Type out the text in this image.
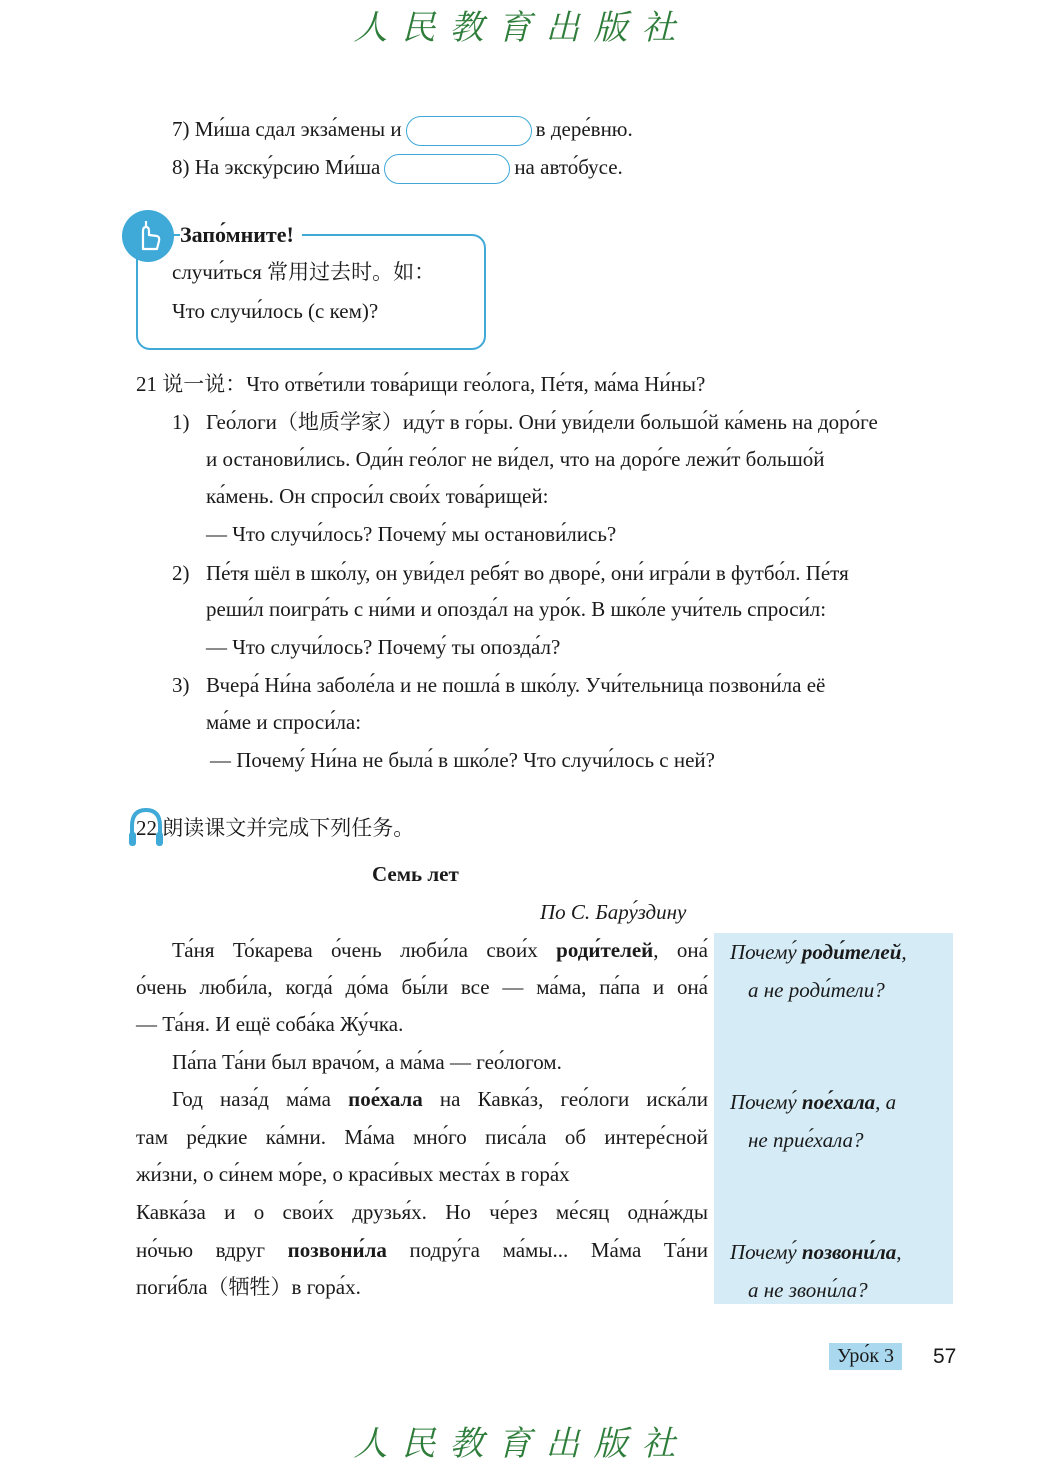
人民教育出版社
7) Ми́ша сдал экза́мены и	в дере́вню.
8) На экску́рсию Ми́ша	на авто́бусе.
случи́ться 常用过去时。如：
Что случи́лось (с кем)?
Запо́мните!
21 说一说：Что отве́тили това́рищи гео́лога, Пе́тя, ма́ма Ни́ны?
1) Гео́логи（地质学家）иду́т в го́ры. Они́ уви́дели большо́й ка́мень на доро́ге
и останови́лись. Оди́н гео́лог не ви́дел, что на доро́ге лежи́т большо́й
ка́мень. Он спроси́л свои́х това́рищей:
— Что случи́лось? Почему́ мы останови́лись?
2) Пе́тя шёл в шко́лу, он уви́дел ребя́т во дворе́, они́ игра́ли в футбо́л. Пе́тя
реши́л поигра́ть с ни́ми и опозда́л на уро́к. В шко́ле учи́тель спроси́л:
— Что случи́лось? Почему́ ты опозда́л?
3) Вчера́ Ни́на заболе́ла и не пошла́ в шко́лу. Учи́тельница позвони́ла её
ма́ме и спроси́ла:
— Почему́ Ни́на не была́ в шко́ле? Что случи́лось с ней?
22 朗读课文并完成下列任务。
Семь лет
По С. Бару́здину
Почему́ роди́телей,
а не роди́тели?
Почему́ пое́хала, а
не прие́хала?
Почему́ позвони́ла,
а не звони́ла?
Та́ня То́карева о́чень люби́ла свои́х роди́телей, она́
о́чень люби́ла, когда́ до́ма бы́ли все — ма́ма, па́па и она́
— Та́ня. И ещё соба́ка Жу́чка.
Па́па Та́ни был врачо́м, а ма́ма — гео́логом.
Год наза́д ма́ма пое́хала на Кавка́з, гео́логи иска́ли
там ре́дкие ка́мни. Ма́ма мно́го писа́ла об интере́сной
жи́зни, о си́нем мо́ре, о краси́вых места́х в гора́х
Кавка́за и о свои́х друзья́х. Но че́рез ме́сяц одна́жды
но́чью вдруг позвони́ла подру́га ма́мы... Ма́ма Та́ни
поги́бла（牺牲）в гора́х.
Уро́к 3	57
人民教育出版社
